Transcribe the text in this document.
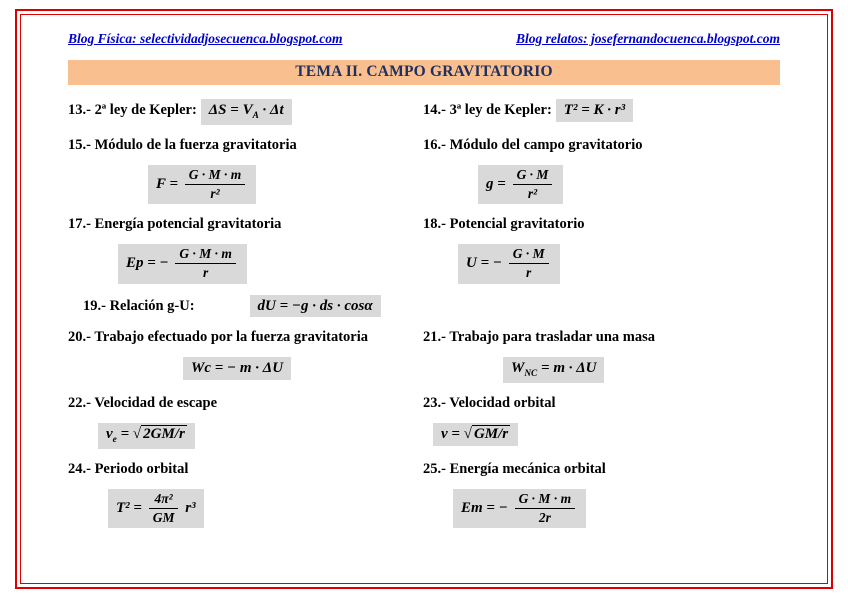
Blog Física: selectividadjosecuenca.blogspot.com	Blog relatos: josefernandocuenca.blogspot.com
TEMA II. CAMPO GRAVITATORIO
13.- 2ª ley de Kepler: $\Delta S = V_A \cdot \Delta t$	14.- 3ª ley de Kepler: T² = K · r³
15.- Módulo de la fuerza gravitatoria	16.- Módulo del campo gravitatorio
$F = \frac{G \cdot M \cdot m}{\text{r²}}$	$g = \frac{G \cdot M}{\text{r²}}$
17.- Energía potencial gravitatoria	18.- Potencial gravitatorio
Ep = − $\frac{G \cdot M \cdot m}{r}$	U = − $\frac{G \cdot M}{r}$
19.- Relación g-U:	dU = −g · ds · cosα
20.- Trabajo efectuado por la fuerza gravitatoria	21.- Trabajo para trasladar una masa
Wc = − m · ΔU	$W_{NC} = m \cdot \Delta U$
22.- Velocidad de escape	23.- Velocidad orbital
$v_e$ = √ 2GM/r	v = √ GM/r
24.- Periodo orbital	25.- Energía mecánica orbital
$T^2 = \frac{\text{4π²}}{GM} r^3$	Em = − $\frac{G \cdot M \cdot m}{2r}$
